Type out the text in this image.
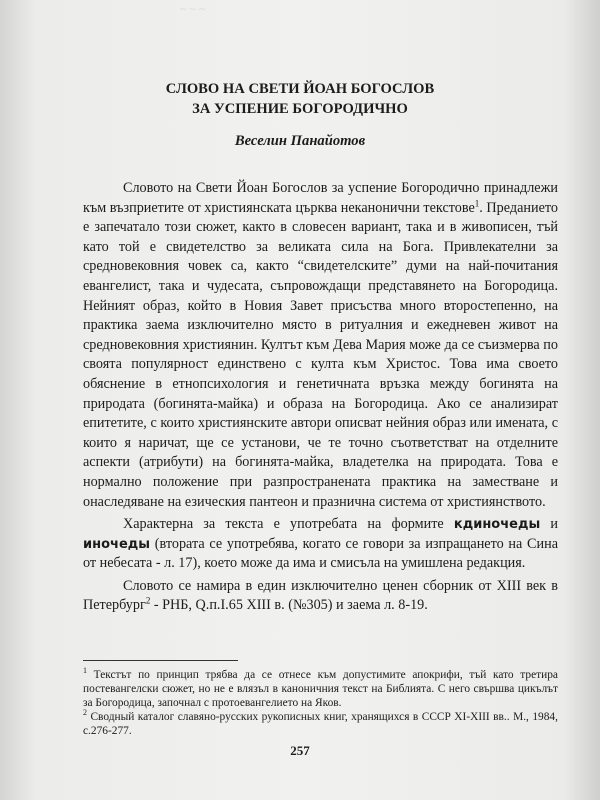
~ ~ ~
СЛОВО НА СВЕТИ ЙОАН БОГОСЛОВ
ЗА УСПЕНИЕ БОГОРОДИЧНО

Веселин Панайотов

Словото на Свети Йоан Богослов за успение Богородично принадлежи към възприетите от християнската църква неканонични текстове$^1$. Преданието е запечатало този сюжет, както в словесен вариант, така и в живописен, тъй като той е свидетелство за великата сила на Бога. Привлекателни за средновековния човек са, както “свидетелските” думи на най-почитания евангелист, така и чудесата, съпровождащи представянето на Богородица. Нейният образ, който в Новия Завет присъства много второстепенно, на практика заема изключително място в ритуалния и ежедневен живот на средновековния християнин. Култът към Дева Мария може да се съизмерва по своята популярност единствено с култа към Христос. Това има своето обяснение в етнопсихология и генетичната връзка между богинята на природата (богинята-майка) и образа на Богородица. Ако се анализират епитетите, с които християнските автори описват нейния образ или имената, с които я наричат, ще се установи, че те точно съответстват на отделните аспекти (атрибути) на богинята-майка, владетелка на природата. Това е нормално положение при разпространената практика на заместване и онаследяване на езическия пантеон и празнична система от християнството.

Характерна за текста е употребата на формите кдиночеды и иночеды (втората се употребява, когато се говори за изпращането на Сина от небесата - л. 17), което може да има и смисъла на умишлена редакция.

Словото се намира в един изключително ценен сборник от XIII век в Петербург$^2$ - РНБ, Q.п.I.65 XIII в. (№305) и заема л. 8-19.

$^1$ Текстът по принцип трябва да се отнесе към допустимите апокрифи, тъй като третира постевангелски сюжет, но не е влязъл в каноничния текст на Библията. С него свършва цикълът за Богородица, започнал с протоевангелието на Яков.

$^2$ Сводный каталог славяно-русских рукописных книг, хранящихся в СССР XI-XIII вв.. М., 1984, с.276-277.

257
